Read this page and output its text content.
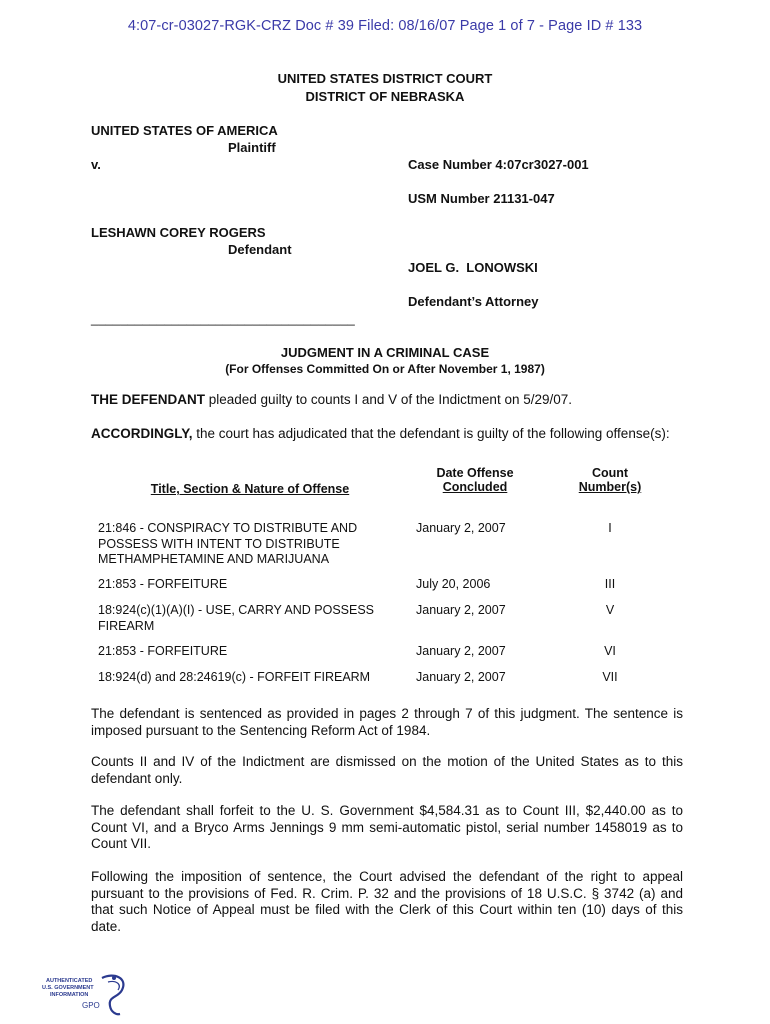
4:07-cr-03027-RGK-CRZ Doc # 39 Filed: 08/16/07 Page 1 of 7 - Page ID # 133
UNITED STATES DISTRICT COURT
DISTRICT OF NEBRASKA
UNITED STATES OF AMERICA
Plaintiff
v.	Case Number 4:07cr3027-001
USM Number 21131-047
LESHAWN COREY ROGERS
Defendant
JOEL G.  LONOWSKI
Defendant’s Attorney
____________________________________
JUDGMENT IN A CRIMINAL CASE
(For Offenses Committed On or After November 1, 1987)
THE DEFENDANT pleaded guilty to counts I and V of the Indictment on 5/29/07.
ACCORDINGLY, the court has adjudicated that the defendant is guilty of the following offense(s):
Title, Section & Nature of Offense
Date Offense
Concluded
Count
Number(s)
21:846 - CONSPIRACY TO DISTRIBUTE AND POSSESS WITH INTENT TO DISTRIBUTE METHAMPHETAMINE AND MARIJUANA
January 2, 2007	I
21:853 - FORFEITURE	July 20, 2006	III
18:924(c)(1)(A)(I) - USE, CARRY AND POSSESS FIREARM
January 2, 2007	V
21:853 - FORFEITURE	January 2, 2007	VI
18:924(d) and 28:24619(c) - FORFEIT FIREARM	January 2, 2007	VII
The defendant is sentenced as provided in pages 2 through 7 of this judgment. The sentence is imposed pursuant to the Sentencing Reform Act of 1984.
Counts II and IV of the Indictment are dismissed on the motion of the United States as to this defendant only.
The defendant shall forfeit to the U. S. Government $4,584.31 as to Count III, $2,440.00 as to Count VI, and a Bryco Arms Jennings 9 mm semi-automatic pistol, serial number 1458019 as to Count VII.
Following the imposition of sentence, the Court advised the defendant of the right to appeal pursuant to the provisions of Fed. R. Crim. P. 32 and the provisions of 18 U.S.C. § 3742 (a) and that such Notice of Appeal must be filed with the Clerk of this Court within ten (10) days of this date.
AUTHENTICATED
U.S. GOVERNMENT
INFORMATION
GPO
